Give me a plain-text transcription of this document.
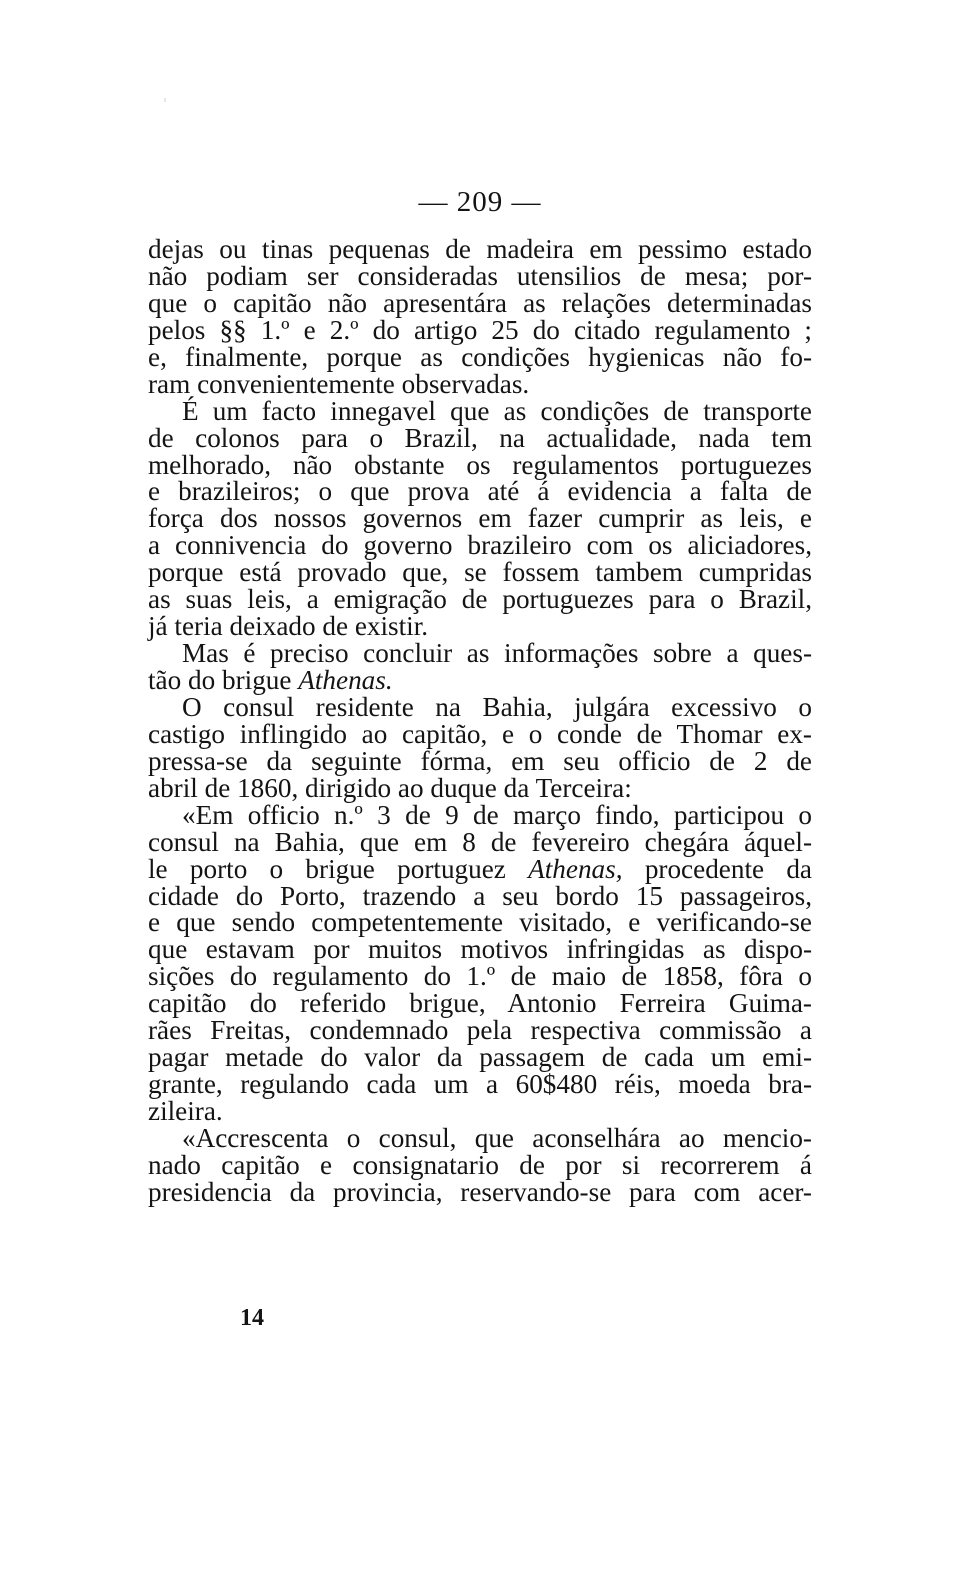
— 209 —
dejas ou tinas pequenas de madeira em pessimo estado
não podiam ser consideradas utensilios de mesa; por-
que o capitão não apresentára as relações determinadas
pelos §§ 1.º e 2.º do artigo 25 do citado regulamento ;
e, finalmente, porque as condições hygienicas não fo-
ram convenientemente observadas.
É um facto innegavel que as condições de transporte
de colonos para o Brazil, na actualidade, nada tem
melhorado, não obstante os regulamentos portuguezes
e brazileiros; o que prova até á evidencia a falta de
força dos nossos governos em fazer cumprir as leis, e
a connivencia do governo brazileiro com os aliciadores,
porque está provado que, se fossem tambem cumpridas
as suas leis, a emigração de portuguezes para o Brazil,
já teria deixado de existir.
Mas é preciso concluir as informações sobre a ques-
tão do brigue Athenas.
O consul residente na Bahia, julgára excessivo o
castigo inflingido ao capitão, e o conde de Thomar ex-
pressa-se da seguinte fórma, em seu officio de 2 de
abril de 1860, dirigido ao duque da Terceira:
«Em officio n.º 3 de 9 de março findo, participou o
consul na Bahia, que em 8 de fevereiro chegára áquel-
le porto o brigue portuguez Athenas, procedente da
cidade do Porto, trazendo a seu bordo 15 passageiros,
e que sendo competentemente visitado, e verificando-se
que estavam por muitos motivos infringidas as dispo-
sições do regulamento do 1.º de maio de 1858, fôra o
capitão do referido brigue, Antonio Ferreira Guima-
rães Freitas, condemnado pela respectiva commissão a
pagar metade do valor da passagem de cada um emi-
grante, regulando cada um a 60$480 réis, moeda bra-
zileira.
«Accrescenta o consul, que aconselhára ao mencio-
nado capitão e consignatario de por si recorrerem á
presidencia da provincia, reservando-se para com acer-
14
